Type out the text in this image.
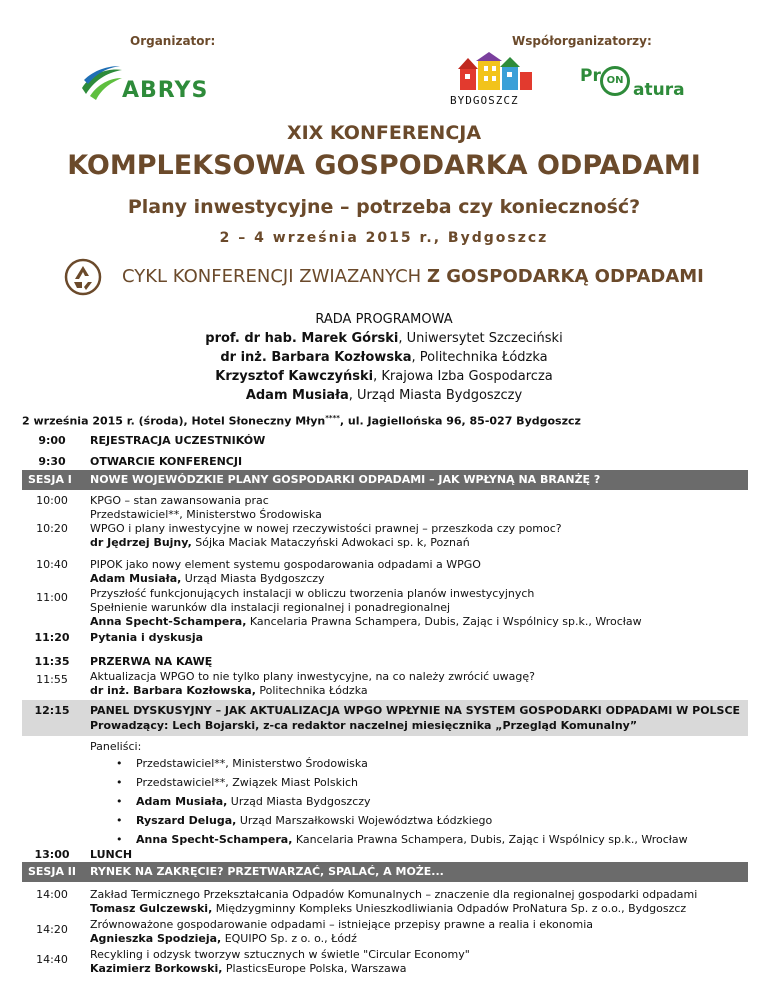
Organizator:	Współorganizatorzy:
ABRYS	BYDGOSZCZ
Pr ON atura
XIX KONFERENCJA
KOMPLEKSOWA GOSPODARKA ODPADAMI
Plany inwestycyjne – potrzeba czy konieczność?
2 – 4 września 2015 r., Bydgoszcz
CYKL KONFERENCJI ZWIAZANYCH Z GOSPODARKĄ ODPADAMI
RADA PROGRAMOWA
prof. dr hab. Marek Górski, Uniwersytet Szczeciński
dr inż. Barbara Kozłowska, Politechnika Łódzka
Krzysztof Kawczyński, Krajowa Izba Gospodarcza
Adam Musiała, Urząd Miasta Bydgoszczy
2 września 2015 r. (środa), Hotel Słoneczny Młyn****, ul. Jagiellońska 96, 85-027 Bydgoszcz
9:00	REJESTRACJA UCZESTNIKÓW
9:30	OTWARCIE KONFERENCJI
SESJA I	NOWE WOJEWÓDZKIE PLANY GOSPODARKI ODPADAMI – JAK WPŁYNĄ NA BRANŻĘ ?
10:00	KPGO – stan zawansowania prac
Przedstawiciel**, Ministerstwo Środowiska
10:20	WPGO i plany inwestycyjne w nowej rzeczywistości prawnej – przeszkoda czy pomoc?
dr Jędrzej Bujny, Sójka Maciak Mataczyński Adwokaci sp. k, Poznań
10:40	PIPOK jako nowy element systemu gospodarowania odpadami a WPGO
Adam Musiała, Urząd Miasta Bydgoszczy
11:00	Przyszłość funkcjonujących instalacji w obliczu tworzenia planów inwestycyjnych
Spełnienie warunków dla instalacji regionalnej i ponadregionalnej
Anna Specht-Schampera, Kancelaria Prawna Schampera, Dubis, Zając i Wspólnicy sp.k., Wrocław
11:20	Pytania i dyskusja
11:35	PRZERWA NA KAWĘ
11:55	Aktualizacja WPGO to nie tylko plany inwestycyjne, na co należy zwrócić uwagę?
dr inż. Barbara Kozłowska, Politechnika Łódzka
12:15	PANEL DYSKUSYJNY – JAK AKTUALIZACJA WPGO WPŁYNIE NA SYSTEM GOSPODARKI ODPADAMI W POLSCE
Prowadzący: Lech Bojarski, z-ca redaktor naczelnej miesięcznika „Przegląd Komunalny”
Paneliści:
• Przedstawiciel**, Ministerstwo Środowiska
• Przedstawiciel**, Związek Miast Polskich
• Adam Musiała, Urząd Miasta Bydgoszczy
• Ryszard Deluga, Urząd Marszałkowski Województwa Łódzkiego
• Anna Specht-Schampera, Kancelaria Prawna Schampera, Dubis, Zając i Wspólnicy sp.k., Wrocław
13:00	LUNCH
SESJA II RYNEK NA ZAKRĘCIE? PRZETWARZAĆ, SPALAĆ, A MOŻE...
14:00	Zakład Termicznego Przekształcania Odpadów Komunalnych – znaczenie dla regionalnej gospodarki odpadami
Tomasz Gulczewski, Międzygminny Kompleks Unieszkodliwiania Odpadów ProNatura Sp. z o.o., Bydgoszcz
14:20	Zrównoważone gospodarowanie odpadami – istniejące przepisy prawne a realia i ekonomia
Agnieszka Spodzieja, EQUIPO Sp. z o. o., Łódź
14:40	Recykling i odzysk tworzyw sztucznych w świetle "Circular Economy"
Kazimierz Borkowski, PlasticsEurope Polska, Warszawa
